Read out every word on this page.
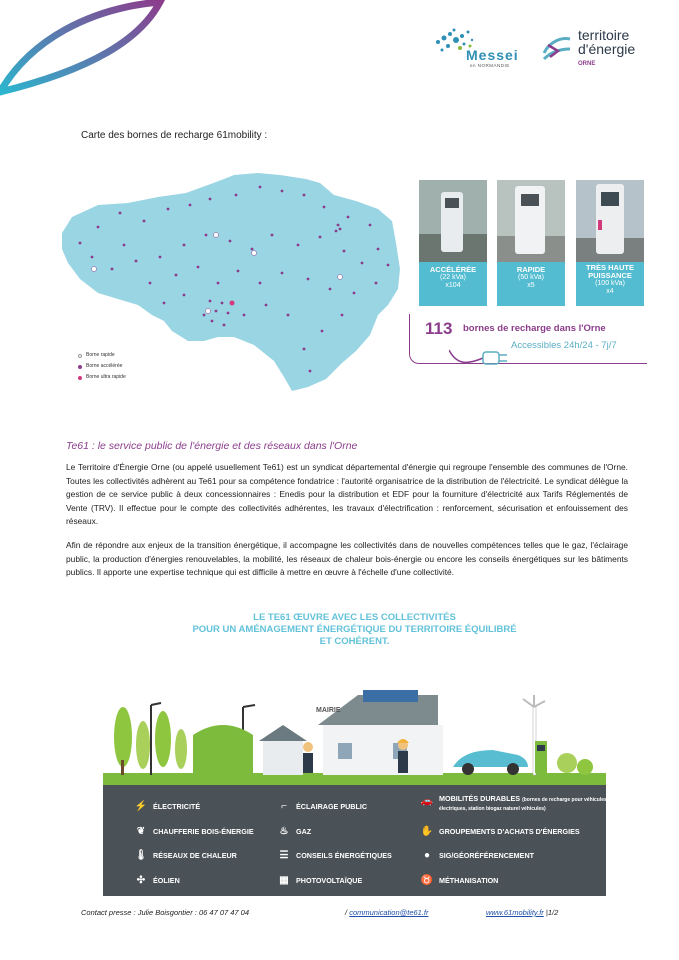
Messei
en NORMANDIE
territoire d'énergie
ORNE
Carte des bornes de recharge 61mobility :
Borne rapide
Borne accélérée
Borne ultra rapide
ACCÉLÉRÉE
(22 kVa)
x104
RAPIDE
(50 kVa)
x5
TRÈS HAUTE PUISSANCE
(100 kVa)
x4
113 bornes de recharge dans l'Orne
Accessibles 24h/24 - 7j/7
Te61 : le service public de l'énergie et des réseaux dans l'Orne
Le Territoire d'Énergie Orne (ou appelé usuellement Te61) est un syndicat départemental d'énergie qui regroupe l'ensemble des communes de l'Orne. Toutes les collectivités adhèrent au Te61 pour sa compétence fondatrice : l'autorité organisatrice de la distribution de l'électricité. Le syndicat délègue la gestion de ce service public à deux concessionnaires : Enedis pour la distribution et EDF pour la fourniture d'électricité aux Tarifs Réglementés de Vente (TRV). Il effectue pour le compte des collectivités adhérentes, les travaux d'électrification : renforcement, sécurisation et enfouissement des réseaux.
Afin de répondre aux enjeux de la transition énergétique, il accompagne les collectivités dans de nouvelles compétences telles que le gaz, l'éclairage public, la production d'énergies renouvelables, la mobilité, les réseaux de chaleur bois-énergie ou encore les conseils énergétiques sur les bâtiments publics. Il apporte une expertise technique qui est difficile à mettre en œuvre à l'échelle d'une collectivité.
LE TE61 ŒUVRE AVEC LES COLLECTIVITÉS
POUR UN AMÉNAGEMENT ÉNERGÉTIQUE DU TERRITOIRE ÉQUILIBRÉ
ET COHÉRENT.
MAIRIE
⚡ ÉLECTRICITÉ
❦ CHAUFFERIE BOIS-ÉNERGIE
🌡 RÉSEAUX DE CHALEUR
✣ ÉOLIEN
⌐	ÉCLAIRAGE PUBLIC
♨ GAZ
☰ CONSEILS ÉNERGÉTIQUES
▦ PHOTOVOLTAÏQUE
🚗 MOBILITÉS DURABLES (bornes de recharge pour véhicules électriques, station biogaz naturel véhicules)
✋ GROUPEMENTS D'ACHATS D'ÉNERGIES
●	SIG/GÉORÉFÉRENCEMENT
♉ MÉTHANISATION
Contact presse : Julie Boisgontier : 06 47 07 47 04	/ communication@te61.fr	www.61mobility.fr |1/2
